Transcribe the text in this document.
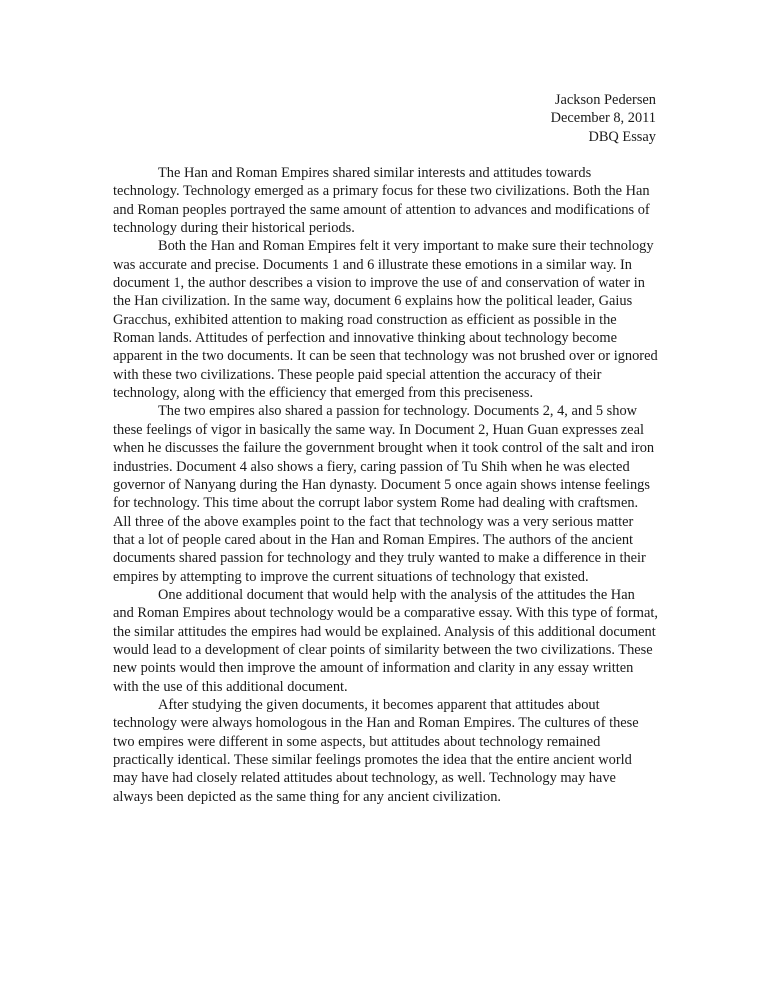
Jackson Pedersen
December 8, 2011
DBQ Essay

The Han and Roman Empires shared similar interests and attitudes towards technology. Technology emerged as a primary focus for these two civilizations. Both the Han and Roman peoples portrayed the same amount of attention to advances and modifications of technology during their historical periods.

Both the Han and Roman Empires felt it very important to make sure their technology was accurate and precise. Documents 1 and 6 illustrate these emotions in a similar way. In document 1, the author describes a vision to improve the use of and conservation of water in the Han civilization. In the same way, document 6 explains how the political leader, Gaius Gracchus, exhibited attention to making road construction as efficient as possible in the Roman lands. Attitudes of perfection and innovative thinking about technology become apparent in the two documents. It can be seen that technology was not brushed over or ignored with these two civilizations. These people paid special attention the accuracy of their technology, along with the efficiency that emerged from this preciseness.

The two empires also shared a passion for technology. Documents 2, 4, and 5 show these feelings of vigor in basically the same way. In Document 2, Huan Guan expresses zeal when he discusses the failure the government brought when it took control of the salt and iron industries. Document 4 also shows a fiery, caring passion of Tu Shih when he was elected governor of Nanyang during the Han dynasty. Document 5 once again shows intense feelings for technology. This time about the corrupt labor system Rome had dealing with craftsmen. All three of the above examples point to the fact that technology was a very serious matter that a lot of people cared about in the Han and Roman Empires. The authors of the ancient documents shared passion for technology and they truly wanted to make a difference in their empires by attempting to improve the current situations of technology that existed.

One additional document that would help with the analysis of the attitudes the Han and Roman Empires about technology would be a comparative essay. With this type of format, the similar attitudes the empires had would be explained. Analysis of this additional document would lead to a development of clear points of similarity between the two civilizations. These new points would then improve the amount of information and clarity in any essay written with the use of this additional document.

After studying the given documents, it becomes apparent that attitudes about technology were always homologous in the Han and Roman Empires. The cultures of these two empires were different in some aspects, but attitudes about technology remained practically identical. These similar feelings promotes the idea that the entire ancient world may have had closely related attitudes about technology, as well. Technology may have always been depicted as the same thing for any ancient civilization.
